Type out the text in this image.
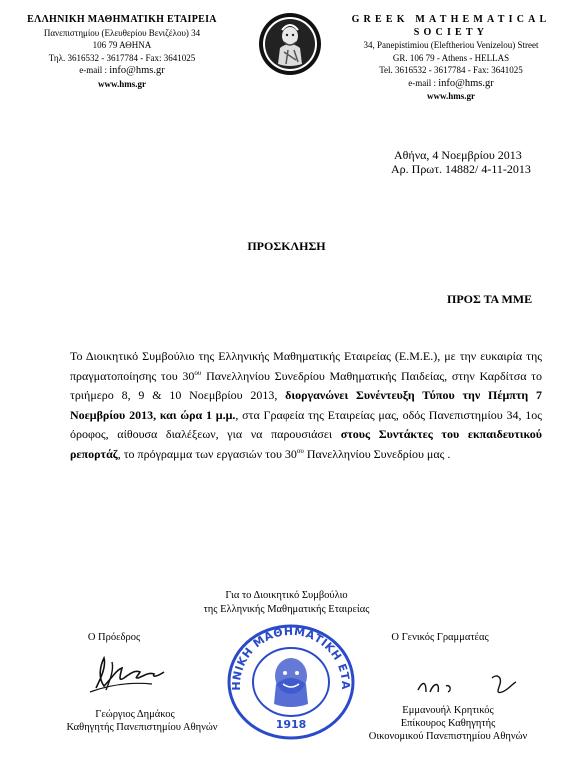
ΕΛΛΗΝΙΚΗ ΜΑΘΗΜΑΤΙΚΗ ΕΤΑΙΡΕΙΑ
Πανεπιστημίου (Ελευθερίου Βενιζέλου) 34
106 79 ΑΘΗΝΑ
Τηλ. 3616532 - 3617784 - Fax: 3641025
e-mail : info@hms.gr
www.hms.gr
GREEK MATHEMATICAL SOCIETY
34, Panepistimiou (Eleftheriou Venizelou) Street
GR. 106 79 - Athens - HELLAS
Tel. 3616532 - 3617784 - Fax: 3641025
e-mail : info@hms.gr
www.hms.gr
Αθήνα, 4 Νοεμβρίου 2013
Αρ. Πρωτ. 14882/ 4-11-2013
ΠΡΟΣΚΛΗΣΗ
ΠΡΟΣ ΤΑ ΜΜΕ
Το Διοικητικό Συμβούλιο της Ελληνικής Μαθηματικής Εταιρείας (Ε.Μ.Ε.), με την ευκαιρία της πραγματοποίησης του $30^{o\upsilon}$ Πανελληνίου Συνεδρίου Μαθηματικής Παιδείας, στην Καρδίτσα το τριήμερο 8, 9 & 10 Νοεμβρίου 2013, διοργανώνει Συνέντευξη Τύπου την Πέμπτη 7 Νοεμβρίου 2013, και ώρα 1 μ.μ., στα Γραφεία της Εταιρείας μας, οδός Πανεπιστημίου 34, 1ος όροφος, αίθουσα διαλέξεων, για να παρουσιάσει στους Συντάκτες του εκπαιδευτικού ρεπορτάζ, το πρόγραμμα των εργασιών του $30^{o\upsilon}$ Πανελληνίου Συνεδρίου μας .
Για το Διοικητικό Συμβούλιο
της Ελληνικής Μαθηματικής Εταιρείας
Ο Πρόεδρος
Γεώργιος Δημάκος
Καθηγητής Πανεπιστημίου Αθηνών
ΗΝΙΚΗ ΜΑΘΗΜΑΤΙΚΗ ΕΤΑ
1918
Ο Γενικός Γραμματέας
Εμμανουήλ Κρητικός
Επίκουρος Καθηγητής
Οικονομικού Πανεπιστημίου Αθηνών
